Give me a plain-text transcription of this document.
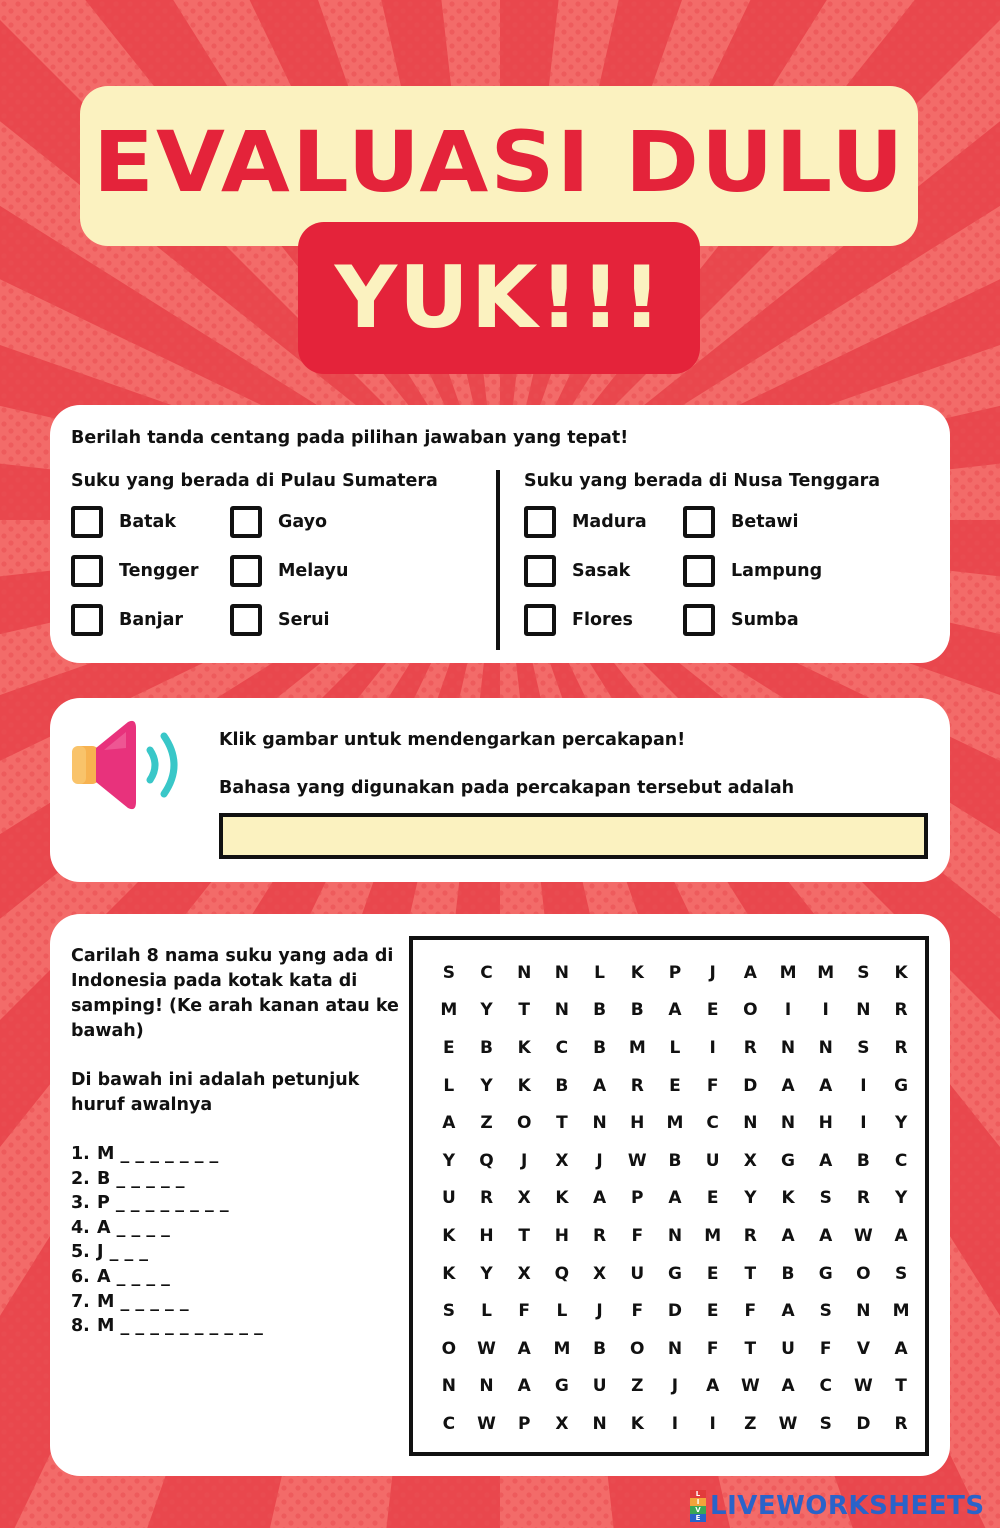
EVALUASI DULU
YUK!!!
Berilah tanda centang pada pilihan jawaban yang tepat!
Suku yang berada di Pulau Sumatera
Batak	Gayo
Tengger	Melayu
Banjar	Serui
Suku yang berada di Nusa Tenggara
Madura	Betawi
Sasak	Lampung
Flores	Sumba
Klik gambar untuk mendengarkan percakapan!
Bahasa yang digunakan pada percakapan tersebut adalah
Carilah 8 nama suku yang ada di Indonesia pada kotak kata di samping! (Ke arah kanan atau ke bawah)
Di bawah ini adalah petunjuk huruf awalnya
1. M _ _ _ _ _ _ _
2. B _ _ _ _ _
3. P _ _ _ _ _ _ _ _
4. A _ _ _ _
5. J _ _ _
6. A _ _ _ _
7. M _ _ _ _ _
8. M _ _ _ _ _ _ _ _ _ _
S	C	N	N	L	K	P	J	A	M	M	S	K
M	Y	T	N	B	B	A	E	O	I	I	N	R
E	B	K	C	B	M	L	I	R	N	N	S	R
L	Y	K	B	A	R	E	F	D	A	A	I	G
A	Z	O	T	N	H	M	C	N	N	H	I	Y
Y	Q	J	X	J	W	B	U	X	G	A	B	C
U	R	X	K	A	P	A	E	Y	K	S	R	Y
K	H	T	H	R	F	N	M	R	A	A	W	A
K	Y	X	Q	X	U	G	E	T	B	G	O	S
S	L	F	L	J	F	D	E	F	A	S	N	M
O	W	A	M	B	O	N	F	T	U	F	V	A
N	N	A	G	U	Z	J	A	W	A	C	W	T
C	W	P	X	N	K	I	I	Z	W	S	D	R
L
I
V
E LIVEWORKSHEETS
